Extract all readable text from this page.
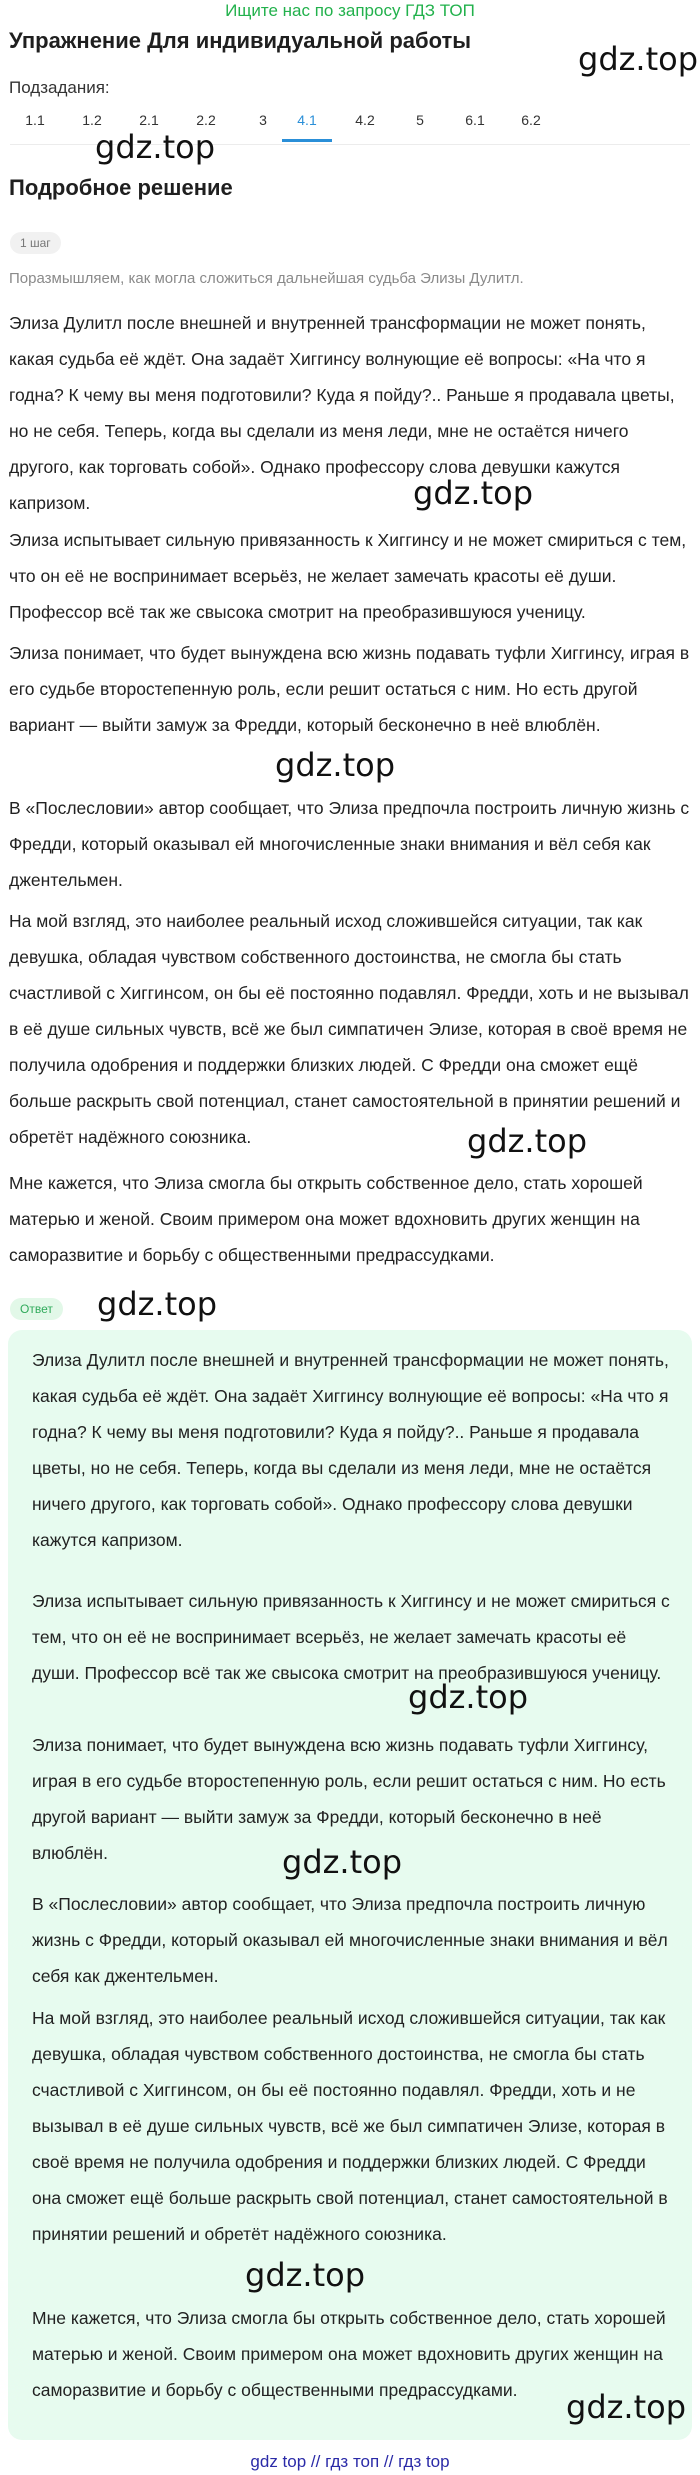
Ищите нас по запросу ГДЗ ТОП
Упражнение Для индивидуальной работы	gdz.top
Подзадания:
1.1	1.2	2.1	2.2	3	4.1	4.2	5	6.1	6.2
gdz.top
Подробное решение
1 шаг
Поразмышляем, как могла сложиться дальнейшая судьба Элизы Дулитл.

Элиза Дулитл после внешней и внутренней трансформации не может понять, какая судьба её ждёт. Она задаёт Хиггинсу волнующие её вопросы: «На что я годна? К чему вы меня подготовили? Куда я пойду?.. Раньше я продавала цветы, но не себя. Теперь, когда вы сделали из меня леди, мне не остаётся ничего другого, как торговать собой». Однако профессору слова девушки кажутся капризом.	gdz.top

Элиза испытывает сильную привязанность к Хиггинсу и не может смириться с тем, что он её не воспринимает всерьёз, не желает замечать красоты её души. Профессор всё так же свысока смотрит на преобразившуюся ученицу.

Элиза понимает, что будет вынуждена всю жизнь подавать туфли Хиггинсу, играя в его судьбе второстепенную роль, если решит остаться с ним. Но есть другой вариант — выйти замуж за Фредди, который бесконечно в неё влюблён.

gdz.top

В «Послесловии» автор сообщает, что Элиза предпочла построить личную жизнь с Фредди, который оказывал ей многочисленные знаки внимания и вёл себя как джентельмен.

На мой взгляд, это наиболее реальный исход сложившейся ситуации, так как девушка, обладая чувством собственного достоинства, не смогла бы стать счастливой с Хиггинсом, он бы её постоянно подавлял. Фредди, хоть и не вызывал в её душе сильных чувств, всё же был симпатичен Элизе, которая в своё время не получила одобрения и поддержки близких людей. С Фредди она сможет ещё больше раскрыть свой потенциал, станет самостоятельной в принятии решений и обретёт надёжного союзника.	gdz.top

Мне кажется, что Элиза смогла бы открыть собственное дело, стать хорошей матерью и женой. Своим примером она может вдохновить других женщин на саморазвитие и борьбу с общественными предрассудками.

Ответ	gdz.top

Элиза Дулитл после внешней и внутренней трансформации не может понять, какая судьба её ждёт. Она задаёт Хиггинсу волнующие её вопросы: «На что я годна? К чему вы меня подготовили? Куда я пойду?.. Раньше я продавала цветы, но не себя. Теперь, когда вы сделали из меня леди, мне не остаётся ничего другого, как торговать собой». Однако профессору слова девушки кажутся капризом.

Элиза испытывает сильную привязанность к Хиггинсу и не может смириться с тем, что он её не воспринимает всерьёз, не желает замечать красоты её души. Профессор всё так же свысока смотрит на преобразившуюся ученицу.

gdz.top

Элиза понимает, что будет вынуждена всю жизнь подавать туфли Хиггинсу, играя в его судьбе второстепенную роль, если решит остаться с ним. Но есть другой вариант — выйти замуж за Фредди, который бесконечно в неё влюблён.	gdz.top

В «Послесловии» автор сообщает, что Элиза предпочла построить личную жизнь с Фредди, который оказывал ей многочисленные знаки внимания и вёл себя как джентельмен.

На мой взгляд, это наиболее реальный исход сложившейся ситуации, так как девушка, обладая чувством собственного достоинства, не смогла бы стать счастливой с Хиггинсом, он бы её постоянно подавлял. Фредди, хоть и не вызывал в её душе сильных чувств, всё же был симпатичен Элизе, которая в своё время не получила одобрения и поддержки близких людей. С Фредди она сможет ещё больше раскрыть свой потенциал, станет самостоятельной в принятии решений и обретёт надёжного союзника.

gdz.top

Мне кажется, что Элиза смогла бы открыть собственное дело, стать хорошей матерью и женой. Своим примером она может вдохновить других женщин на саморазвитие и борьбу с общественными предрассудками.	gdz.top
gdz top // гдз топ // гдз top
